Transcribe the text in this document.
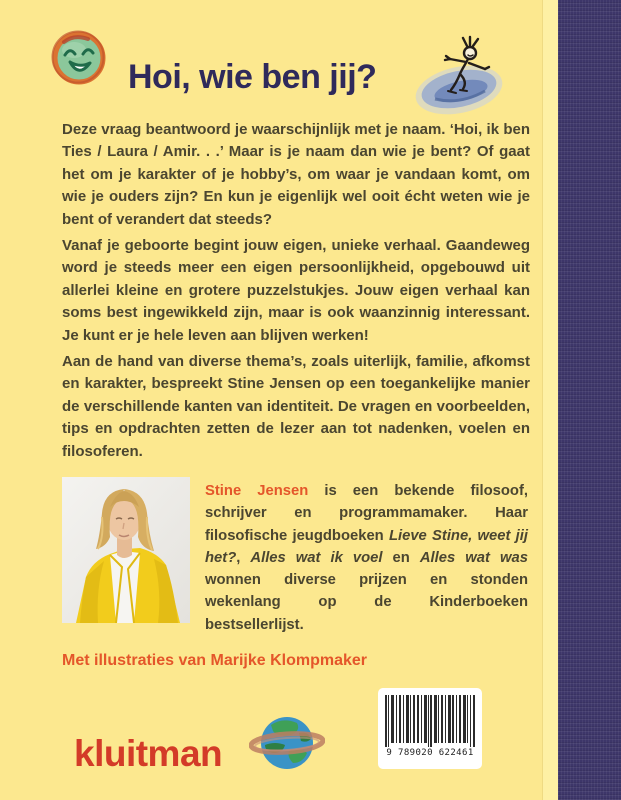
Hoi, wie ben jij?

Deze vraag beantwoord je waarschijnlijk met je naam. ‘Hoi, ik ben Ties / Laura / Amir. . .’ Maar is je naam dan wie je bent? Of gaat het om je karakter of je hobby’s, om waar je vandaan komt, om wie je ouders zijn? En kun je eigenlijk wel ooit écht weten wie je bent of verandert dat steeds?

Vanaf je geboorte begint jouw eigen, unieke verhaal. Gaandeweg word je steeds meer een eigen persoonlijkheid, opgebouwd uit allerlei kleine en grotere puzzelstukjes. Jouw eigen verhaal kan soms best ingewikkeld zijn, maar is ook waanzinnig interessant. Je kunt er je hele leven aan blijven werken!

Aan de hand van diverse thema’s, zoals uiterlijk, familie, afkomst en karakter, bespreekt Stine Jensen op een toegankelijke manier de verschillende kanten van identiteit. De vragen en voorbeelden, tips en opdrachten zetten de lezer aan tot nadenken, voelen en filosoferen.

Stine Jensen is een bekende filosoof, schrijver en programmamaker. Haar filosofische jeugdboeken Lieve Stine, weet jij het?, Alles wat ik voel en Alles wat was wonnen diverse prijzen en stonden wekenlang op de Kinderboeken bestsellerlijst.
Met illustraties van Marijke Klompmaker
kluitman	9 789020 622461
